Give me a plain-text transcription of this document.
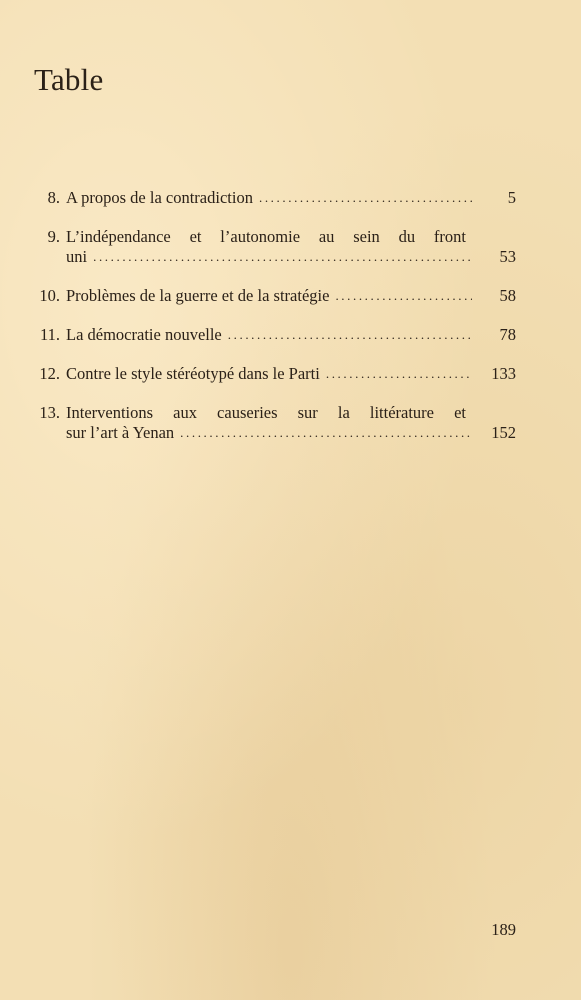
Table
8. A propos de la contradiction .....	5
9. L’indépendance et l’autonomie au sein du front
uni .....	53
10. Problèmes de la guerre et de la stratégie .....	58
11. La démocratie nouvelle .....	78
12. Contre le style stéréotypé dans le Parti .....	133
13. Interventions aux causeries sur la littérature et
sur l’art à Yenan .....	152
189
